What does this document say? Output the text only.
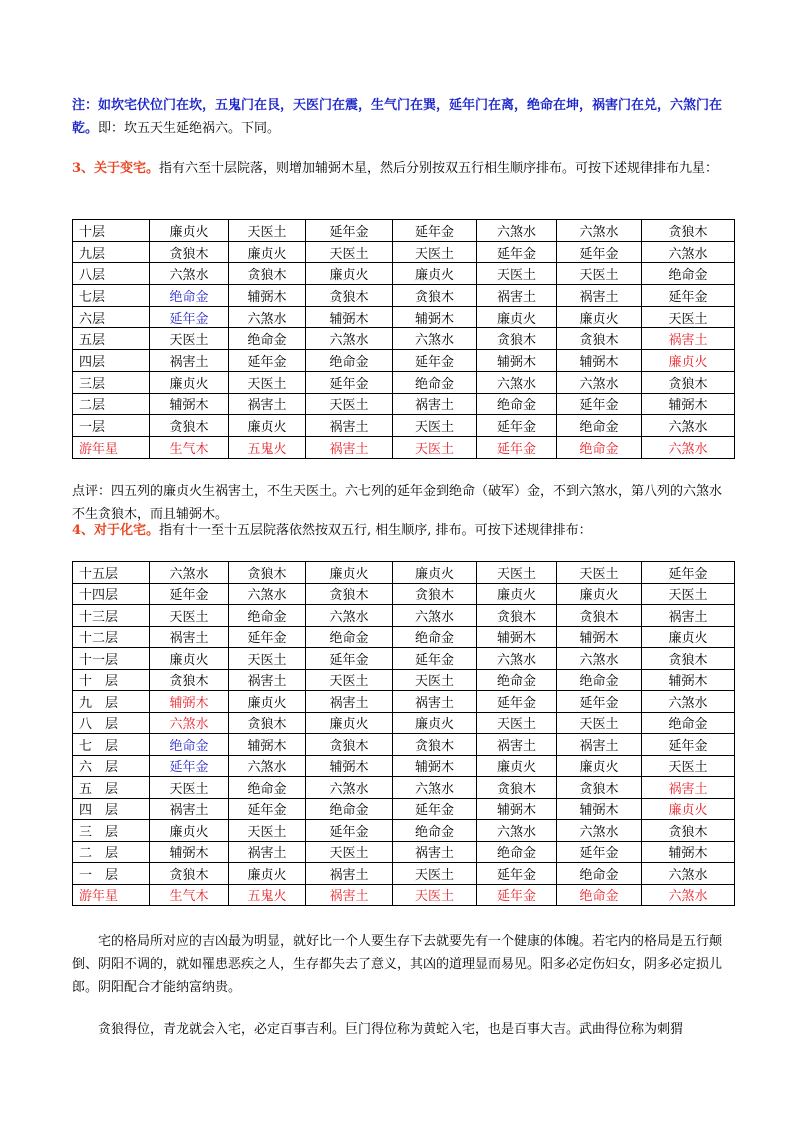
注：如坎宅伏位门在坎，五鬼门在艮，天医门在震，生气门在巽，延年门在离，绝命在坤，祸害门在兑，六煞门在乾。即：坎五天生延绝祸六。下同。

3、关于变宅。指有六至十层院落，则增加辅弼木星，然后分别按双五行相生顺序排布。可按下述规律排布九星：

十层	廉贞火	天医土	延年金	延年金	六煞水	六煞水	贪狼木
九层	贪狼木	廉贞火	天医土	天医土	延年金	延年金	六煞水
八层	六煞水	贪狼木	廉贞火	廉贞火	天医土	天医土	绝命金
七层	绝命金	辅弼木	贪狼木	贪狼木	祸害土	祸害土	延年金
六层	延年金	六煞水	辅弼木	辅弼木	廉贞火	廉贞火	天医土
五层	天医土	绝命金	六煞水	六煞水	贪狼木	贪狼木	祸害土
四层	祸害土	延年金	绝命金	延年金	辅弼木	辅弼木	廉贞火
三层	廉贞火	天医土	延年金	绝命金	六煞水	六煞水	贪狼木
二层	辅弼木	祸害土	天医土	祸害土	绝命金	延年金	辅弼木
一层	贪狼木	廉贞火	祸害土	天医土	延年金	绝命金	六煞水
游年星	生气木	五鬼火	祸害土	天医土	延年金	绝命金	六煞水

点评：四五列的廉贞火生祸害土，不生天医土。六七列的延年金到绝命（破军）金，不到六煞水，第八列的六煞水不生贪狼木，而且辅弼木。

4、对于化宅。指有十一至十五层院落依然按双五行, 相生顺序, 排布。可按下述规律排布：

十五层	六煞水	贪狼木	廉贞火	廉贞火	天医土	天医土	延年金
十四层	延年金	六煞水	贪狼木	贪狼木	廉贞火	廉贞火	天医土
十三层	天医土	绝命金	六煞水	六煞水	贪狼木	贪狼木	祸害土
十二层	祸害土	延年金	绝命金	绝命金	辅弼木	辅弼木	廉贞火
十一层	廉贞火	天医土	延年金	延年金	六煞水	六煞水	贪狼木
十　层	贪狼木	祸害土	天医土	天医土	绝命金	绝命金	辅弼木
九　层	辅弼木	廉贞火	祸害土	祸害土	延年金	延年金	六煞水
八　层	六煞水	贪狼木	廉贞火	廉贞火	天医土	天医土	绝命金
七　层	绝命金	辅弼木	贪狼木	贪狼木	祸害土	祸害土	延年金
六　层	延年金	六煞水	辅弼木	辅弼木	廉贞火	廉贞火	天医土
五　层	天医土	绝命金	六煞水	六煞水	贪狼木	贪狼木	祸害土
四　层	祸害土	延年金	绝命金	延年金	辅弼木	辅弼木	廉贞火
三　层	廉贞火	天医土	延年金	绝命金	六煞水	六煞水	贪狼木
二　层	辅弼木	祸害土	天医土	祸害土	绝命金	延年金	辅弼木
一　层	贪狼木	廉贞火	祸害土	天医土	延年金	绝命金	六煞水
游年星	生气木	五鬼火	祸害土	天医土	延年金	绝命金	六煞水

宅的格局所对应的吉凶最为明显，就好比一个人要生存下去就要先有一个健康的体魄。若宅内的格局是五行颠倒、阴阳不调的，就如罹患恶疾之人，生存都失去了意义，其凶的道理显而易见。阳多必定伤妇女，阴多必定损儿郎。阴阳配合才能纳富纳贵。

贪狼得位，青龙就会入宅，必定百事吉利。巨门得位称为黄蛇入宅，也是百事大吉。武曲得位称为刺猬
